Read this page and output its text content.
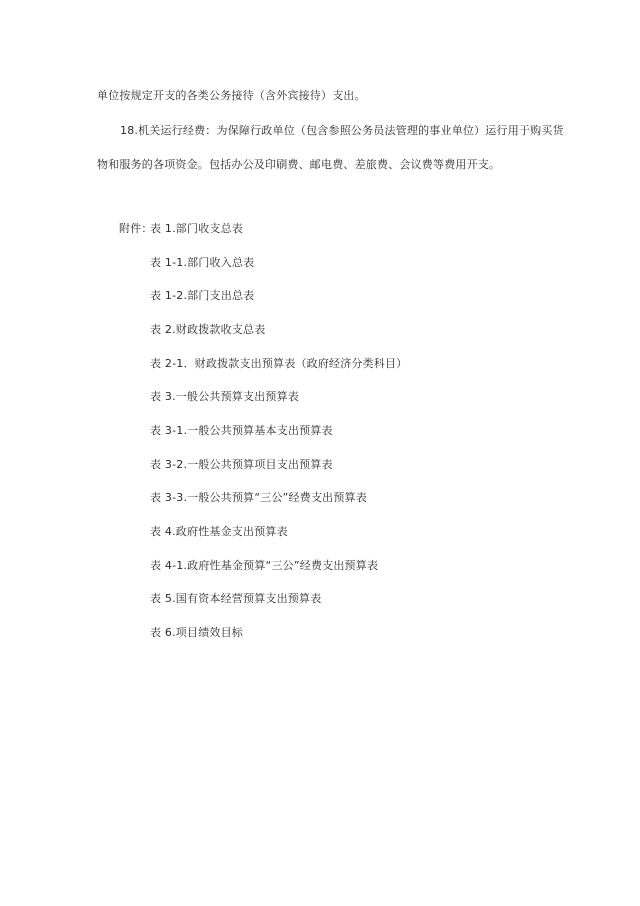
单位按规定开支的各类公务接待（含外宾接待）支出。
18.机关运行经费：为保障行政单位（包含参照公务员法管理的事业单位）运行用于购买货
物和服务的各项资金。包括办公及印刷费、邮电费、差旅费、会议费等费用开支。
附件：
表 1.部门收支总表
表 1-1.部门收入总表
表 1-2.部门支出总表
表 2.财政拨款收支总表
表 2-1．财政拨款支出预算表（政府经济分类科目）
表 3.一般公共预算支出预算表
表 3-1.一般公共预算基本支出预算表
表 3-2.一般公共预算项目支出预算表
表 3-3.一般公共预算“三公”经费支出预算表
表 4.政府性基金支出预算表
表 4-1.政府性基金预算“三公”经费支出预算表
表 5.国有资本经营预算支出预算表
表 6.项目绩效目标
